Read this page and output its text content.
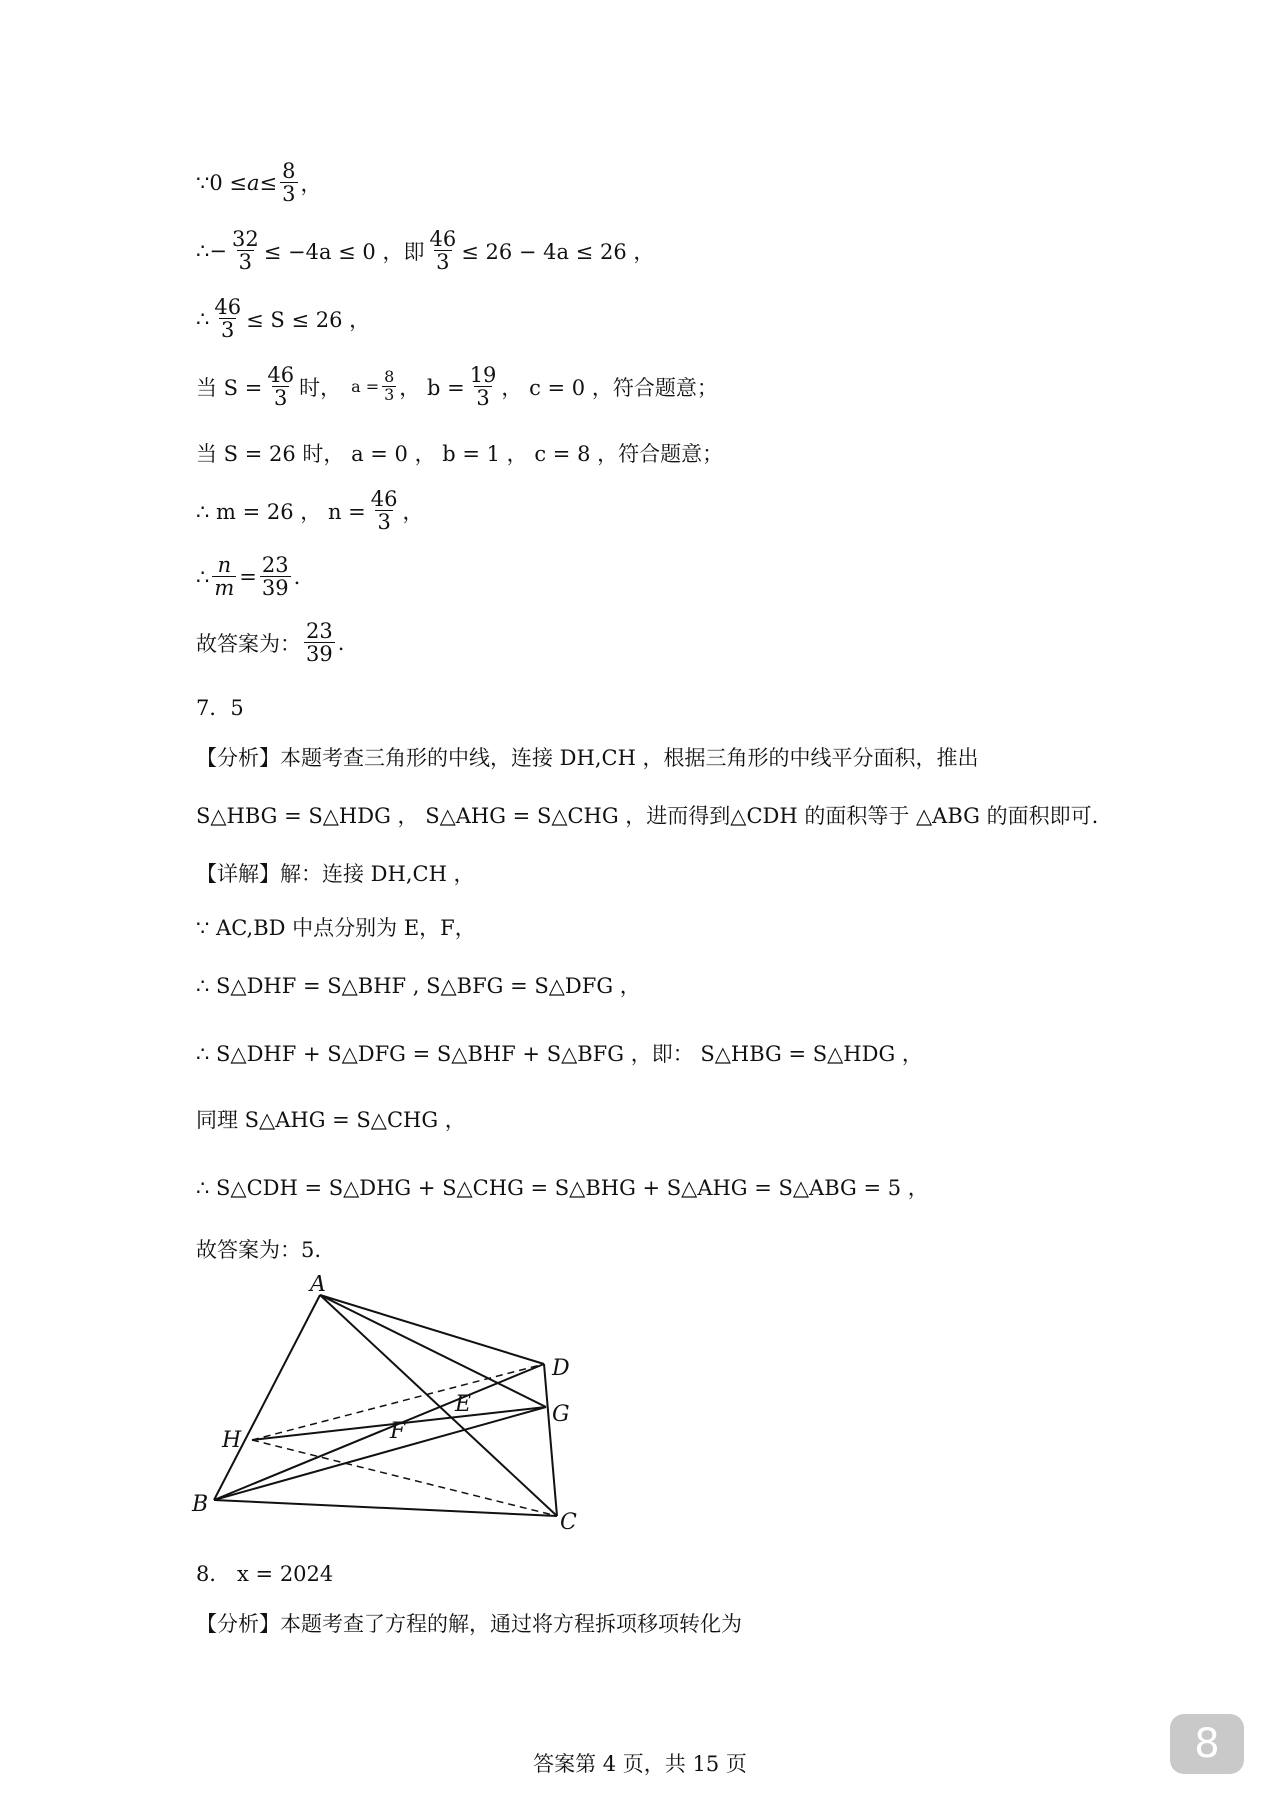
∵ $0 \le a \le \frac{8}{3}$ ，
∴ − $\frac{32}{3} \le -4a \le 0$ ，即 $\frac{46}{3} \le 26 - 4a \le 26$ ，
∴ $\frac{46}{3} \le S \le 26$ ，
当 $S = \frac{46}{3}$ 时， $a = \frac{8}{3}$ ， $b = \frac{19}{3}$ ， c = 0 ，符合题意；
当 S = 26 时， a = 0 ， b = 1 ， c = 8 ，符合题意；
∴ m = 26 ， $n = \frac{46}{3}$ ，
∴ $\frac{n}{m} = \frac{23}{39}$ .
故答案为： $\frac{23}{39}$ .
7．5
【分析】本题考查三角形的中线，连接 DH,CH ，根据三角形的中线平分面积，推出
S△HBG = S△HDG ， S△AHG = S△CHG ，进而得到△CDH 的面积等于 △ABG 的面积即可.
【详解】解：连接 DH,CH ，
∵ AC,BD 中点分别为 E，F，
∴ S△DHF = S△BHF , S△BFG = S△DFG ，
∴ S△DHF + S△DFG = S△BHF + S△BFG ，即： S△HBG = S△HDG ，
同理 S△AHG = S△CHG ，
∴ S△CDH = S△DHG + S△CHG = S△BHG + S△AHG = S△ABG = 5 ，
故答案为：5.
A
B
C
D
E
F
G
H
8． x = 2024
【分析】本题考查了方程的解，通过将方程拆项移项转化为
答案第 4 页，共 15 页	8
